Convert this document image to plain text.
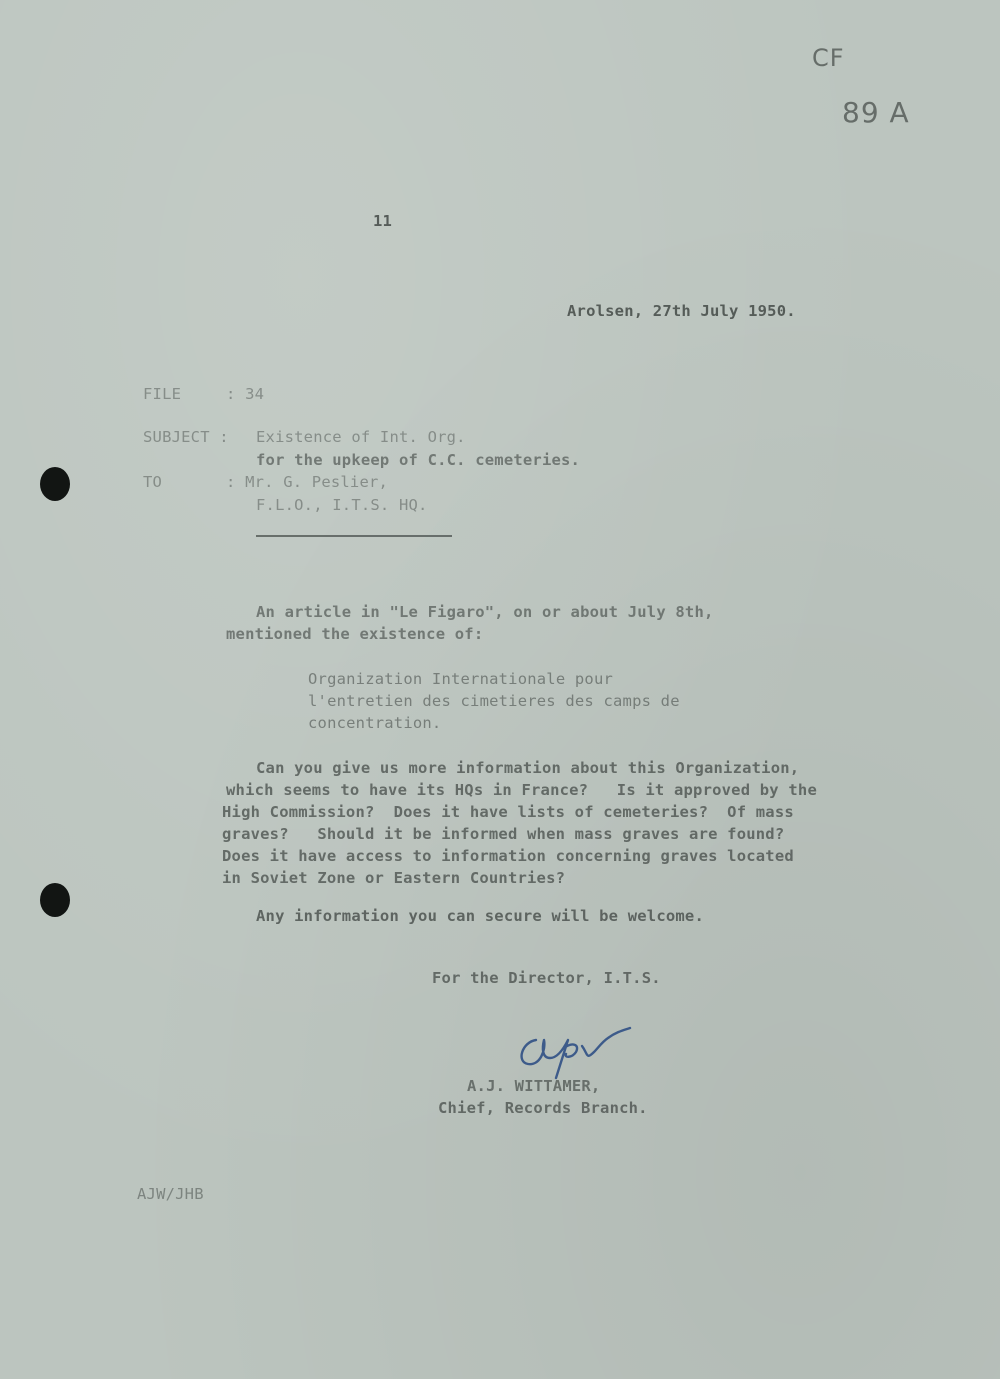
CF
89 A
11
Arolsen, 27th July 1950.
FILE	: 34
SUBJECT : Existence of Int. Org.
for the upkeep of C.C. cemeteries.
TO	: Mr. G. Peslier,
F.L.O., I.T.S. HQ.
An article in "Le Figaro", on or about July 8th,
mentioned the existence of:
Organization Internationale pour
l'entretien des cimetieres des camps de
concentration.
Can you give us more information about this Organization,
which seems to have its HQs in France?   Is it approved by the
High Commission?  Does it have lists of cemeteries?  Of mass
graves?   Should it be informed when mass graves are found?
Does it have access to information concerning graves located
in Soviet Zone or Eastern Countries?
Any information you can secure will be welcome.
For the Director, I.T.S.
A.J. WITTAMER,
Chief, Records Branch.
AJW/JHB
